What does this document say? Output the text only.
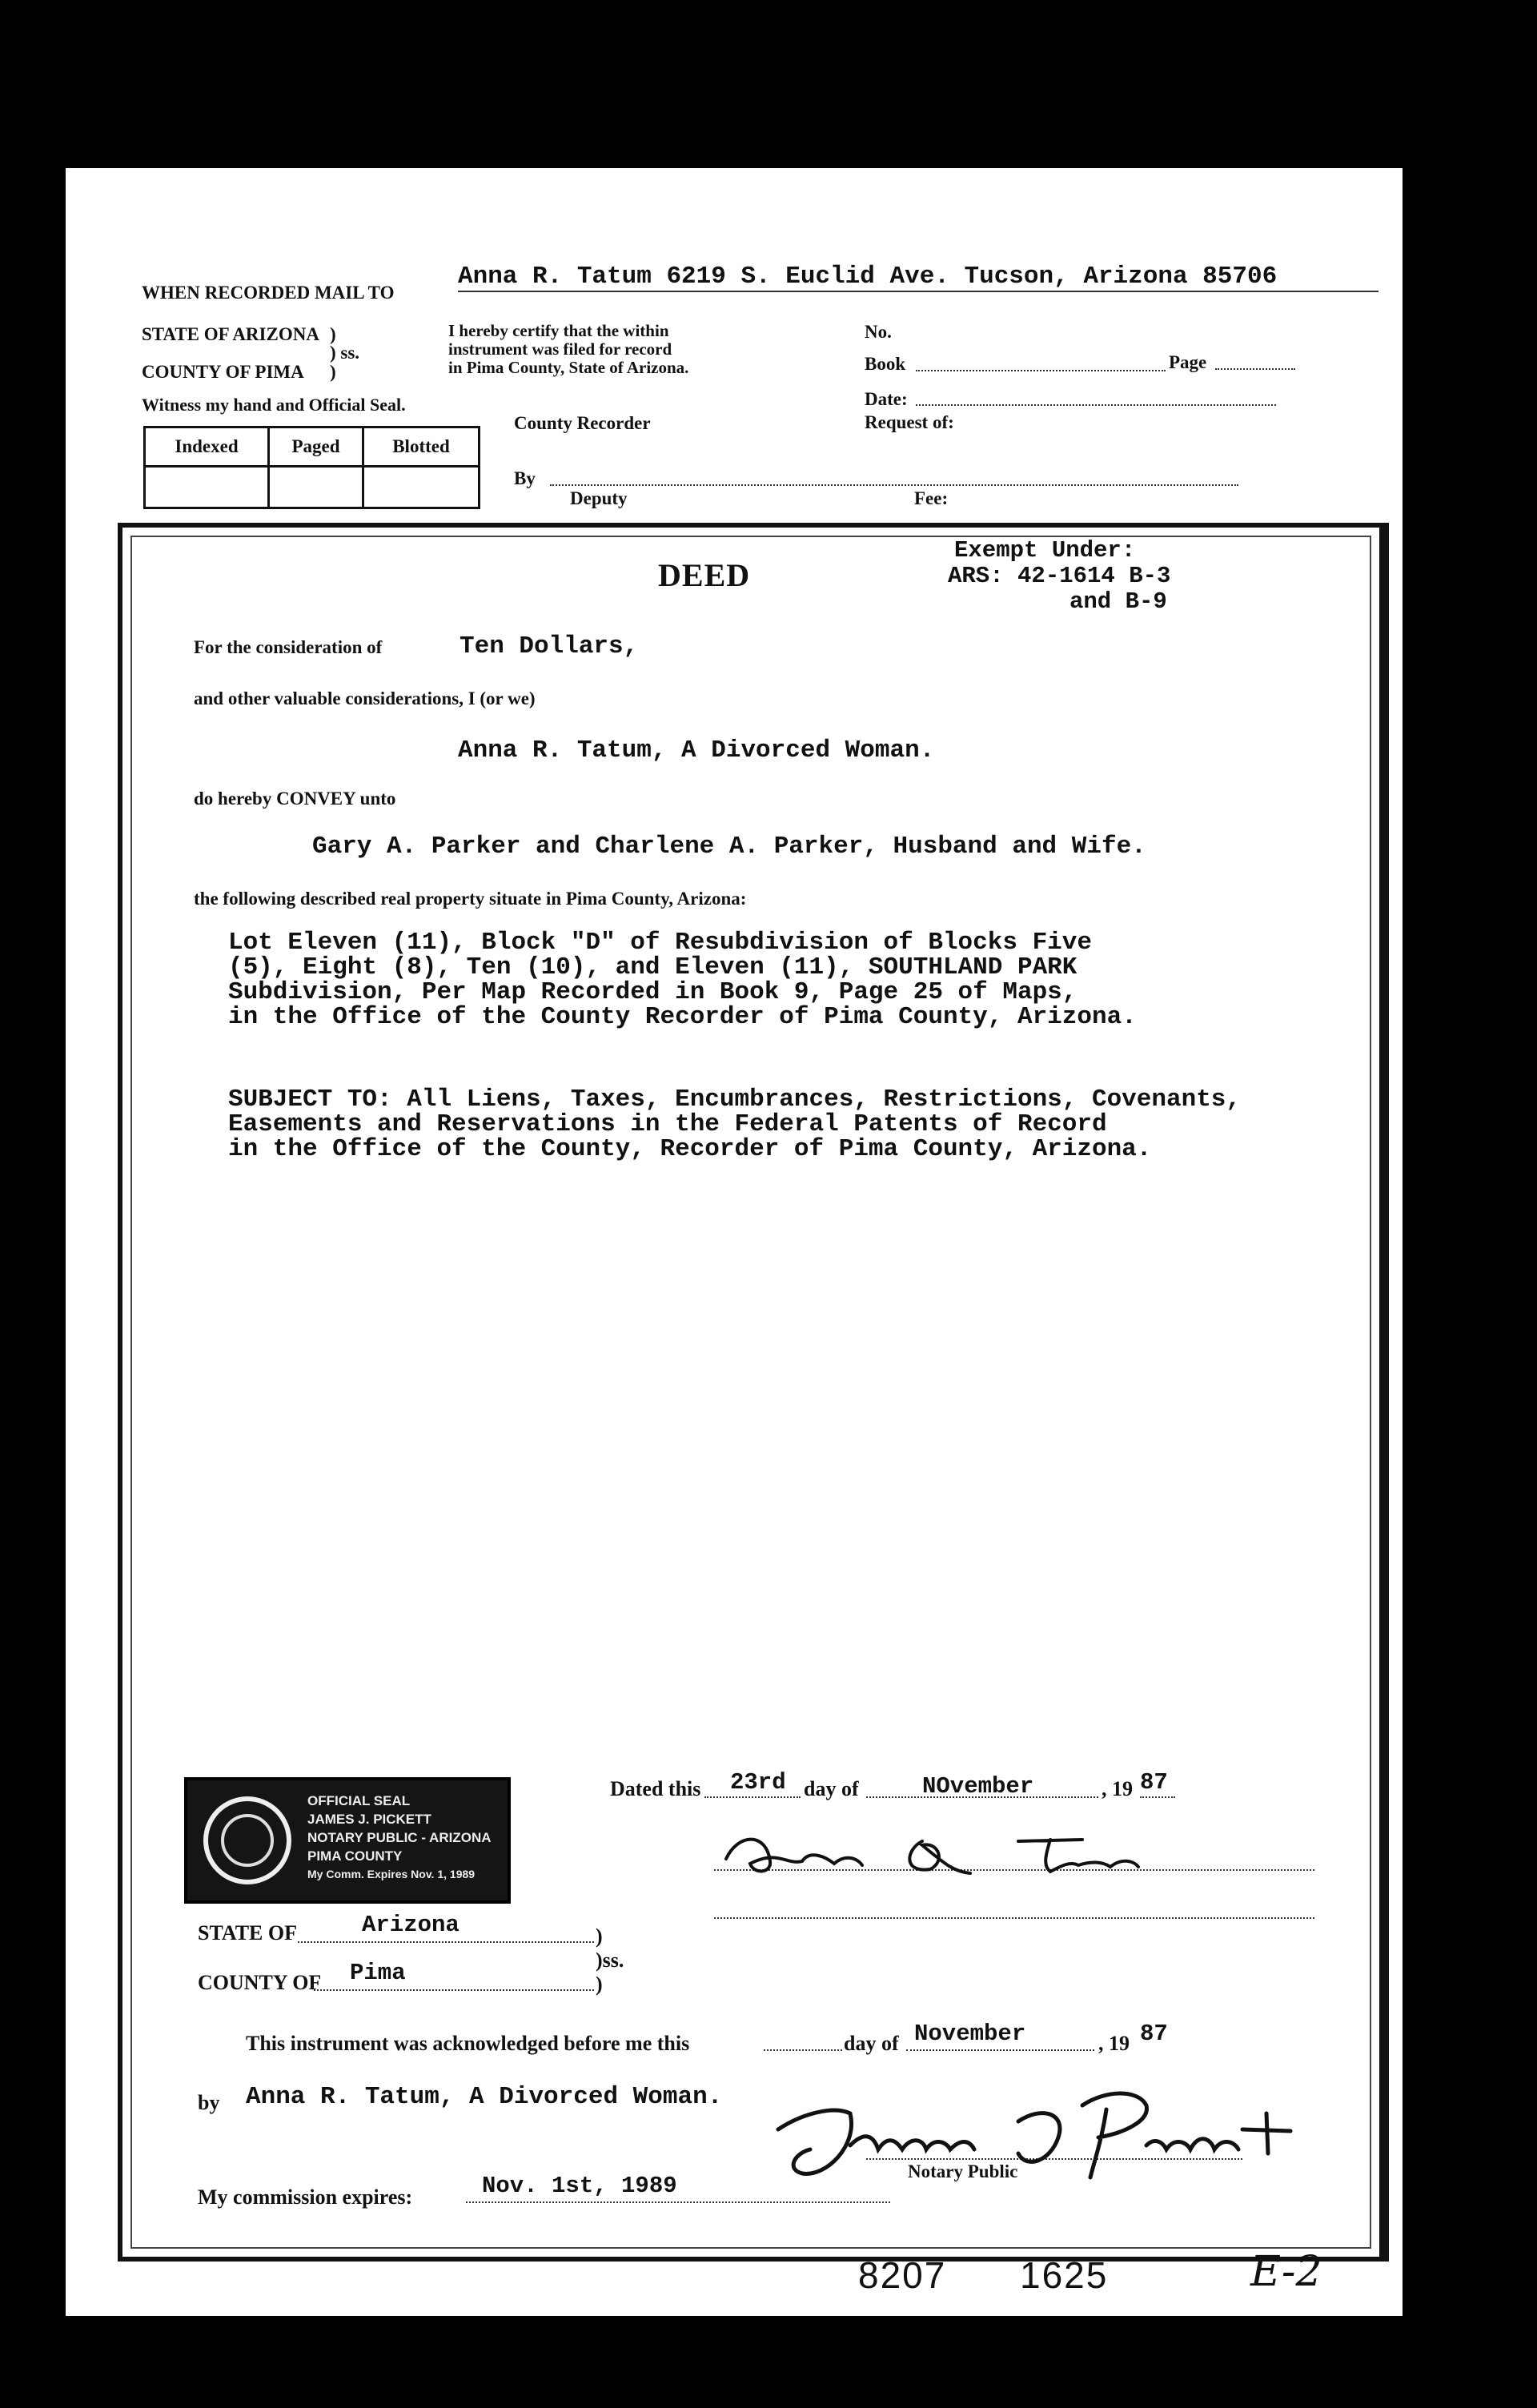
WHEN RECORDED MAIL TO
Anna R. Tatum 6219 S. Euclid Ave. Tucson, Arizona 85706
STATE OF ARIZONA )
) ss.
COUNTY OF PIMA )
I hereby certify that the within
instrument was filed for record
in Pima County, State of Arizona.
No.
Book	Page
Date:
Request of:
Witness my hand and Official Seal.
County Recorder
Indexed	Paged	Blotted
By
Deputy	Fee:
DEED
Exempt Under:
ARS: 42-1614 B-3
and B-9
For the consideration of	Ten Dollars,
and other valuable considerations, I (or we)
Anna R. Tatum, A Divorced Woman.
do hereby CONVEY unto
Gary A. Parker and Charlene A. Parker, Husband and Wife.
the following described real property situate in Pima County, Arizona:
Lot Eleven (11), Block "D" of Resubdivision of Blocks Five
(5), Eight (8), Ten (10), and Eleven (11), SOUTHLAND PARK
Subdivision, Per Map Recorded in Book 9, Page 25 of Maps,
in the Office of the County Recorder of Pima County, Arizona.
SUBJECT TO: All Liens, Taxes, Encumbrances, Restrictions, Covenants,
Easements and Reservations in the Federal Patents of Record
in the Office of the County, Recorder of Pima County, Arizona.
Dated this 23rd day of	NOvember	, 19 87
OFFICIAL SEAL
JAMES J. PICKETT
NOTARY PUBLIC - ARIZONA
PIMA COUNTY
My Comm. Expires Nov. 1, 1989
STATE OF	Arizona	)
)ss.
COUNTY OF Pima	)
This instrument was acknowledged before me this	day of November	, 19 87
by Anna R. Tatum, A Divorced Woman.
Notary Public
My commission expires:	Nov. 1st, 1989
8207 1625	E-2
